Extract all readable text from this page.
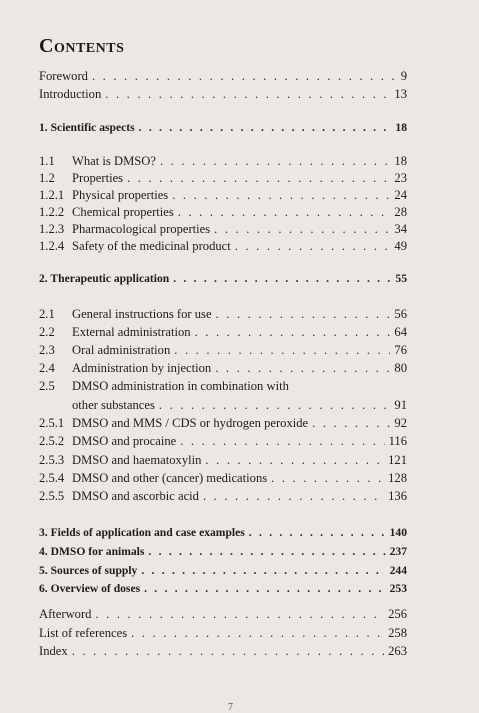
Contents
Foreword . . .	9
Introduction . . .	13
1. Scientific aspects . . .	18
1.1	What is DMSO? . . .	18
1.2	Properties . . .	23
1.2.1 Physical properties . . .	24
1.2.2 Chemical properties . . .	28
1.2.3 Pharmacological properties . . .	34
1.2.4 Safety of the medicinal product . . .	49
2. Therapeutic application . . .	55
2.1	General instructions for use . . .	56
2.2	External administration . . .	64
2.3	Oral administration . . .	76
2.4	Administration by injection . . .	80
2.5	DMSO administration in combination with
other substances . . .	91
2.5.1 DMSO and MMS / CDS or hydrogen peroxide . . .	92
2.5.2 DMSO and procaine . . .	116
2.5.3 DMSO and haematoxylin . . .	121
2.5.4 DMSO and other (cancer) medications . . .	128
2.5.5 DMSO and ascorbic acid . . .	136
3. Fields of application and case examples . . .	140
4. DMSO for animals . . .	237
5. Sources of supply . . .	244
6. Overview of doses . . .	253
Afterword . . .	256
List of references . . .	258
Index . . .	263
7
